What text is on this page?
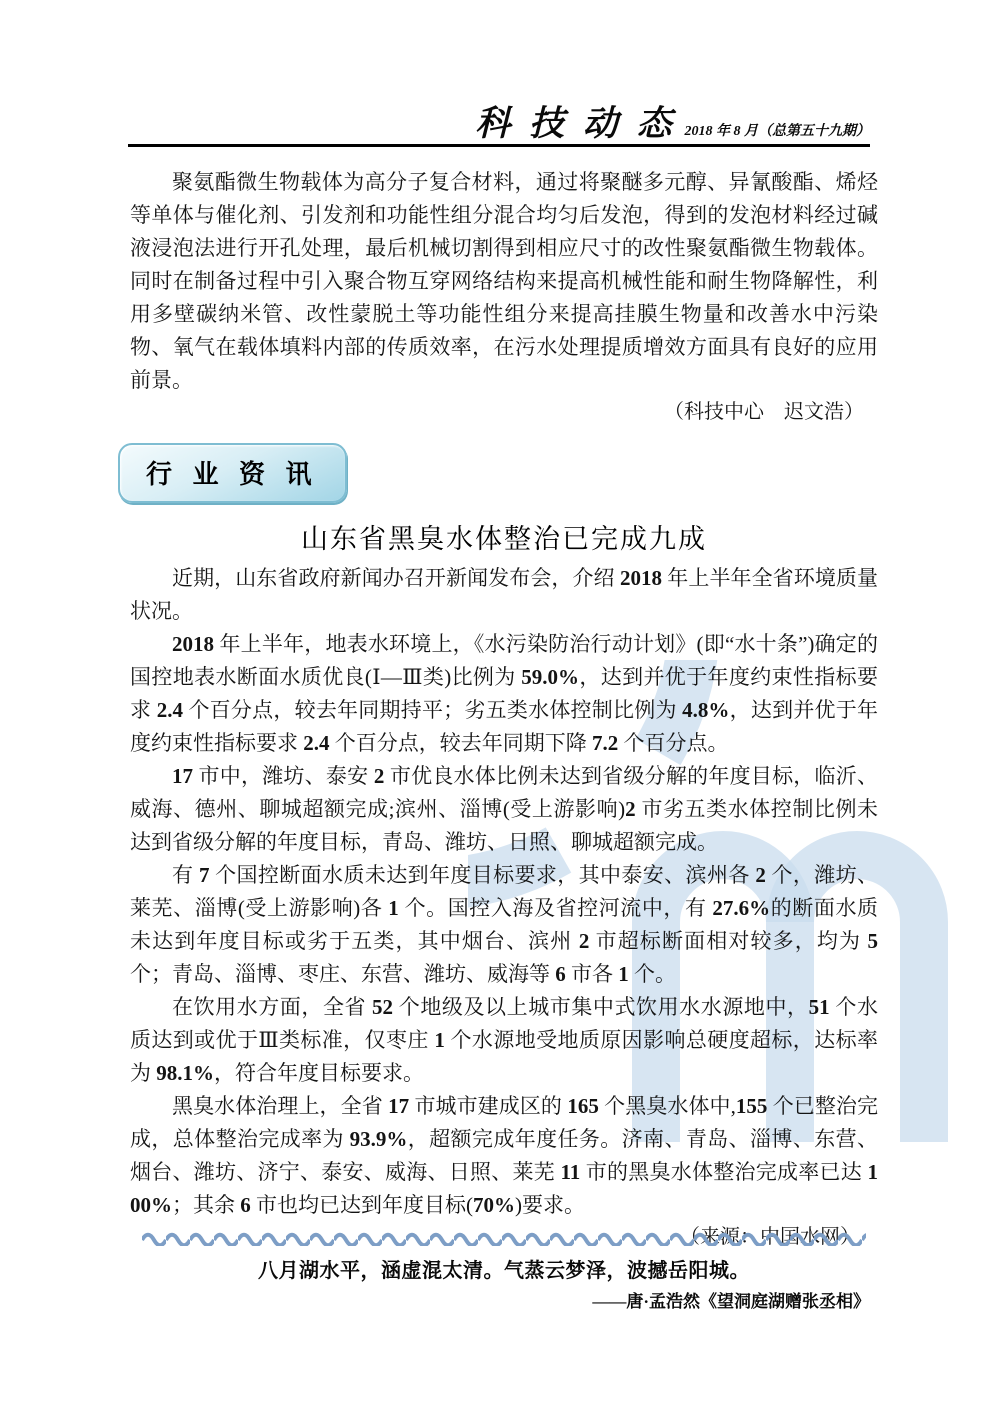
科 技 动 态 2018 年 8 月（总第五十九期）

聚氨酯微生物载体为高分子复合材料，通过将聚醚多元醇、异氰酸酯、烯烃等单体与催化剂、引发剂和功能性组分混合均匀后发泡，得到的发泡材料经过碱液浸泡法进行开孔处理，最后机械切割得到相应尺寸的改性聚氨酯微生物载体。同时在制备过程中引入聚合物互穿网络结构来提高机械性能和耐生物降解性，利用多壁碳纳米管、改性蒙脱土等功能性组分来提高挂膜生物量和改善水中污染物、氧气在载体填料内部的传质效率，在污水处理提质增效方面具有良好的应用前景。

（科技中心　迟文浩）

行 业 资 讯
山东省黑臭水体整治已完成九成

近期，山东省政府新闻办召开新闻发布会，介绍 2018 年上半年全省环境质量状况。

2018 年上半年，地表水环境上，《水污染防治行动计划》(即“水十条”)确定的国控地表水断面水质优良(Ⅰ—Ⅲ类)比例为 59.0%，达到并优于年度约束性指标要求 2.4 个百分点，较去年同期持平；劣五类水体控制比例为 4.8%，达到并优于年度约束性指标要求 2.4 个百分点，较去年同期下降 7.2 个百分点。

17 市中，潍坊、泰安 2 市优良水体比例未达到省级分解的年度目标，临沂、威海、德州、聊城超额完成;滨州、淄博(受上游影响)2 市劣五类水体控制比例未达到省级分解的年度目标，青岛、潍坊、日照、聊城超额完成。

有 7 个国控断面水质未达到年度目标要求，其中泰安、滨州各 2 个，潍坊、莱芜、淄博(受上游影响)各 1 个。国控入海及省控河流中，有 27.6%的断面水质未达到年度目标或劣于五类，其中烟台、滨州 2 市超标断面相对较多，均为 5 个；青岛、淄博、枣庄、东营、潍坊、威海等 6 市各 1 个。

在饮用水方面，全省 52 个地级及以上城市集中式饮用水水源地中，51 个水质达到或优于Ⅲ类标准，仅枣庄 1 个水源地受地质原因影响总硬度超标，达标率为 98.1%，符合年度目标要求。

黑臭水体治理上，全省 17 市城市建成区的 165 个黑臭水体中,155 个已整治完成，总体整治完成率为 93.9%，超额完成年度任务。济南、青岛、淄博、东营、烟台、潍坊、济宁、泰安、威海、日照、莱芜 11 市的黑臭水体整治完成率已达 100%；其余 6 市也均已达到年度目标(70%)要求。

八月湖水平，涵虚混太清。气蒸云梦泽，波撼岳阳城。

——唐·孟浩然《望洞庭湖赠张丞相》
